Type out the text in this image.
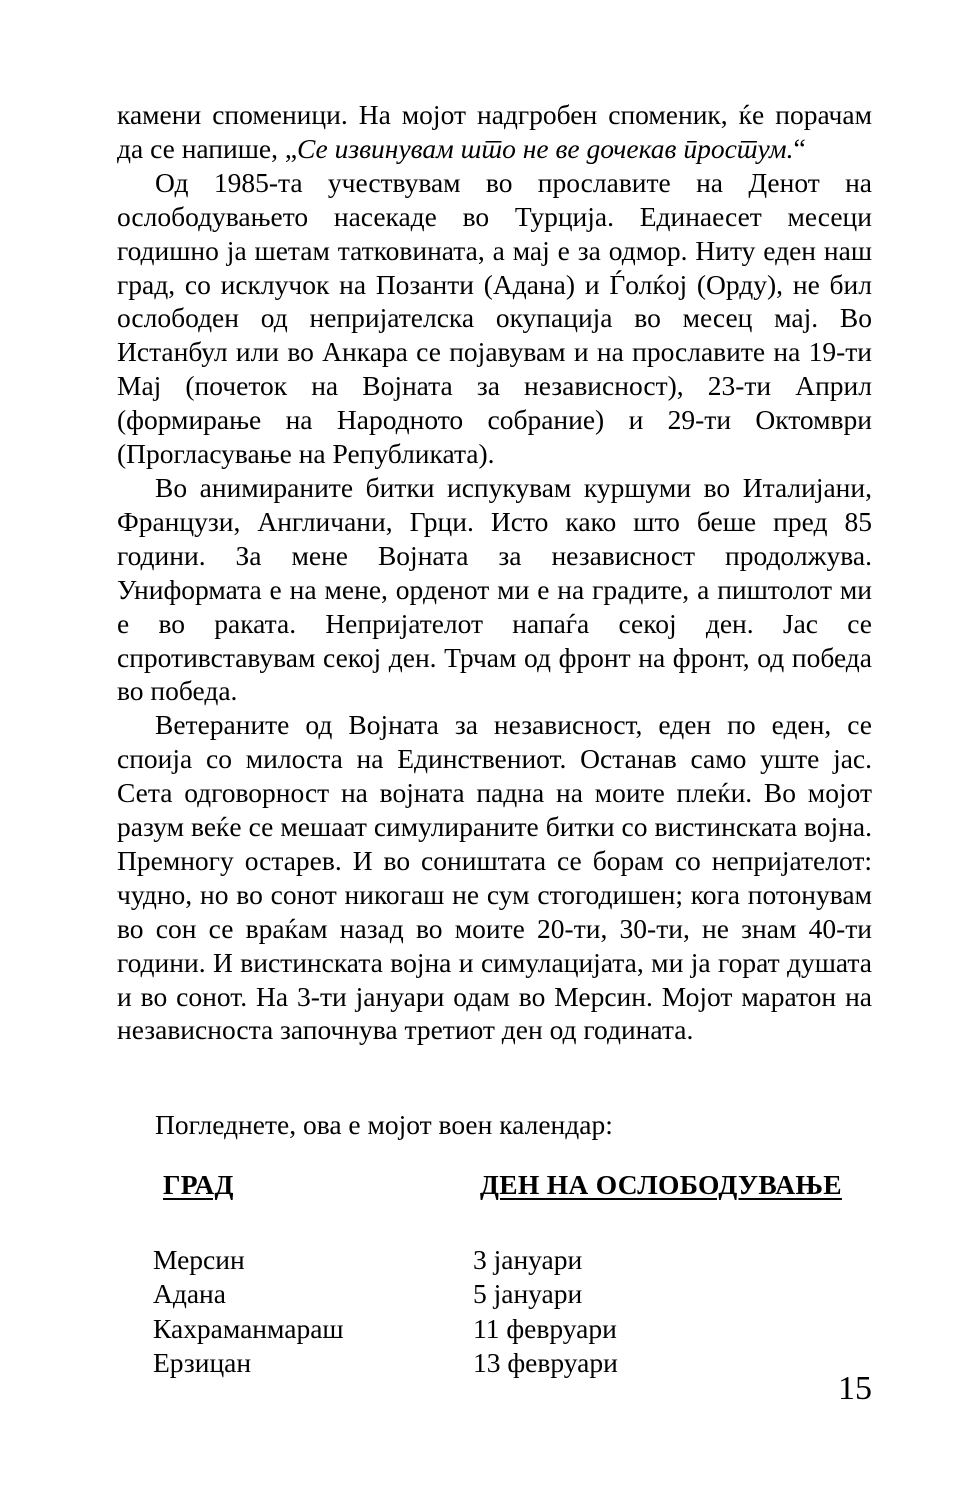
камени споменици. На мојот надгробен споменик, ќе порачам да се напише, „Се извинувам што не ве дочекав простум.“

Од 1985-та учествувам во прославите на Денот на ослободувањето насекаде во Турција. Единаесет месеци годишно ја шетам татковината, а мај е за одмор. Ниту еден наш град, со исклучок на Позанти (Адана) и Ѓолќој (Орду), не бил ослободен од непријателска окупација во месец мај. Во Истанбул или во Анкара се појавувам и на прославите на 19-ти Мај (почеток на Војната за независност), 23-ти Април (формирање на Народното собрание) и 29-ти Октомври (Прогласување на Републиката).

Во анимираните битки испукувам куршуми во Италијани, Французи, Англичани, Грци. Исто како што беше пред 85 години. За мене Војната за независност продолжува. Униформата е на мене, орденот ми е на градите, а пиштолот ми е во раката. Непријателот напаѓа секој ден. Јас се спротивставувам секој ден. Трчам од фронт на фронт, од победа во победа.

Ветераните од Војната за независност, еден по еден, се споија со милоста на Единствениот. Останав само уште јас. Сета одговорност на војната падна на моите плеќи. Во мојот разум веќе се мешаат симулираните битки со вистинската војна. Премногу остарев. И во соништата се борам со непријателот: чудно, но во сонот никогаш не сум стогодишен; кога потонувам во сон се враќам назад во моите 20-ти, 30-ти, не знам 40-ти години. И вистинската војна и симулацијата, ми ја горат душата и во сонот. На 3-ти јануари одам во Мерсин. Мојот маратон на независноста започнува третиот ден од годината.

Погледнете, ова е мојот воен календар:
ГРАД	ДЕН НА ОСЛОБОДУВАЊЕ
Мерсин	3 јануари
Адана	5 јануари
Кахраманмараш	11 февруари
Ерзицан	13 февруари
15
